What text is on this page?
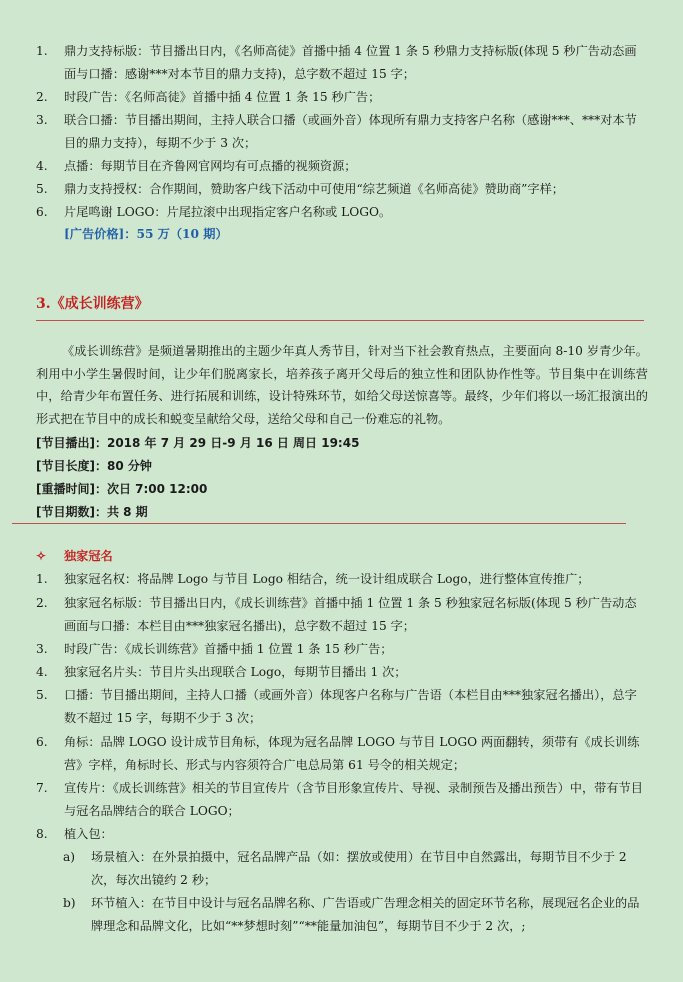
1.	鼎力支持标版：节目播出日内，《名师高徒》首播中插 4 位置 1 条 5 秒鼎力支持标版(体现 5 秒广告动态画面与口播：感谢***对本节目的鼎力支持)，总字数不超过 15 字；
2.	时段广告：《名师高徒》首播中插 4 位置 1 条 15 秒广告；
3.	联合口播：节目播出期间，主持人联合口播（或画外音）体现所有鼎力支持客户名称（感谢***、***对本节目的鼎力支持），每期不少于 3 次；
4.	点播：每期节目在齐鲁网官网均有可点播的视频资源；
5.	鼎力支持授权：合作期间，赞助客户线下活动中可使用“综艺频道《名师高徒》赞助商”字样；
6.	片尾鸣谢 LOGO：片尾拉滚中出现指定客户名称或 LOGO。
[广告价格]：55 万（10 期）
3.《成长训练营》
《成长训练营》是频道暑期推出的主题少年真人秀节目，针对当下社会教育热点，主要面向 8-10 岁青少年。利用中小学生暑假时间，让少年们脱离家长，培养孩子离开父母后的独立性和团队协作性等。节目集中在训练营中，给青少年布置任务、进行拓展和训练，设计特殊环节，如给父母送惊喜等。最终，少年们将以一场汇报演出的形式把在节目中的成长和蜕变呈献给父母，送给父母和自己一份难忘的礼物。
[节目播出]：2018 年 7 月 29 日-9 月 16 日 周日 19:45
[节目长度]：80 分钟
[重播时间]：次日 7:00 12:00
[节目期数]：共 8 期
✧ 独家冠名
1.	独家冠名权：将品牌 Logo 与节目 Logo 相结合，统一设计组成联合 Logo，进行整体宣传推广；
2.	独家冠名标版：节目播出日内，《成长训练营》首播中插 1 位置 1 条 5 秒独家冠名标版(体现 5 秒广告动态画面与口播：本栏目由***独家冠名播出)，总字数不超过 15 字；
3.	时段广告：《成长训练营》首播中插 1 位置 1 条 15 秒广告；
4.	独家冠名片头：节目片头出现联合 Logo，每期节目播出 1 次；
5.	口播：节目播出期间，主持人口播（或画外音）体现客户名称与广告语（本栏目由***独家冠名播出），总字数不超过 15 字，每期不少于 3 次；
6.	角标：品牌 LOGO 设计成节目角标，体现为冠名品牌 LOGO 与节目 LOGO 两面翻转，须带有《成长训练营》字样，角标时长、形式与内容须符合广电总局第 61 号令的相关规定；
7.	宣传片：《成长训练营》相关的节目宣传片（含节目形象宣传片、导视、录制预告及播出预告）中，带有节目与冠名品牌结合的联合 LOGO；
8.	植入包：
a)	场景植入：在外景拍摄中，冠名品牌产品（如：摆放或使用）在节目中自然露出，每期节目不少于 2 次，每次出镜约 2 秒；
b)	环节植入：在节目中设计与冠名品牌名称、广告语或广告理念相关的固定环节名称，展现冠名企业的品牌理念和品牌文化，比如“**梦想时刻”“**能量加油包”，每期节目不少于 2 次，;
